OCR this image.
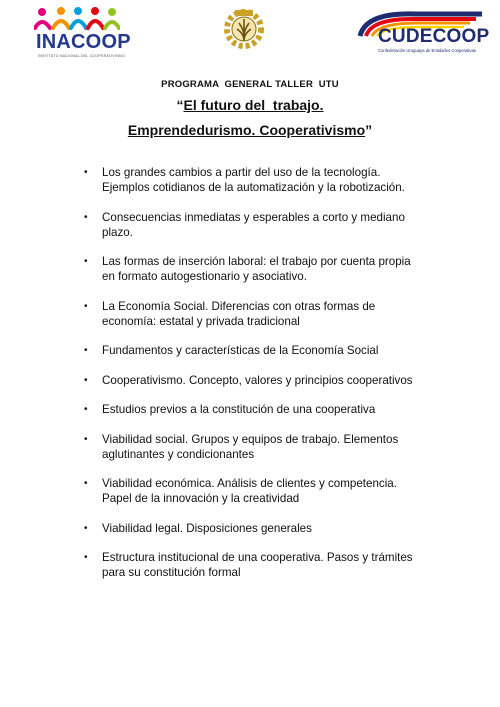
INACOOP
INSTITUTO NACIONAL DEL COOPERATIVISMO
CUDECOOP
Confederación Uruguaya de Entidades Cooperativas
PROGRAMA  GENERAL TALLER  UTU
“El futuro del  trabajo.
Emprendedurismo. Cooperativismo”
• Los grandes cambios a partir del uso de la tecnología.
Ejemplos cotidianos de la automatización y la robotización.
• Consecuencias inmediatas y esperables a corto y mediano
plazo.
• Las formas de inserción laboral: el trabajo por cuenta propia
en formato autogestionario y asociativo.
• La Economía Social. Diferencias con otras formas de
economía: estatal y privada tradicional
• Fundamentos y características de la Economía Social
• Cooperativismo. Concepto, valores y principios cooperativos
• Estudios previos a la constitución de una cooperativa
• Viabilidad social. Grupos y equipos de trabajo. Elementos
aglutinantes y condicionantes
• Viabilidad económica. Análisis de clientes y competencia.
Papel de la innovación y la creatividad
• Viabilidad legal. Disposiciones generales
• Estructura institucional de una cooperativa. Pasos y trámites
para su constitución formal
